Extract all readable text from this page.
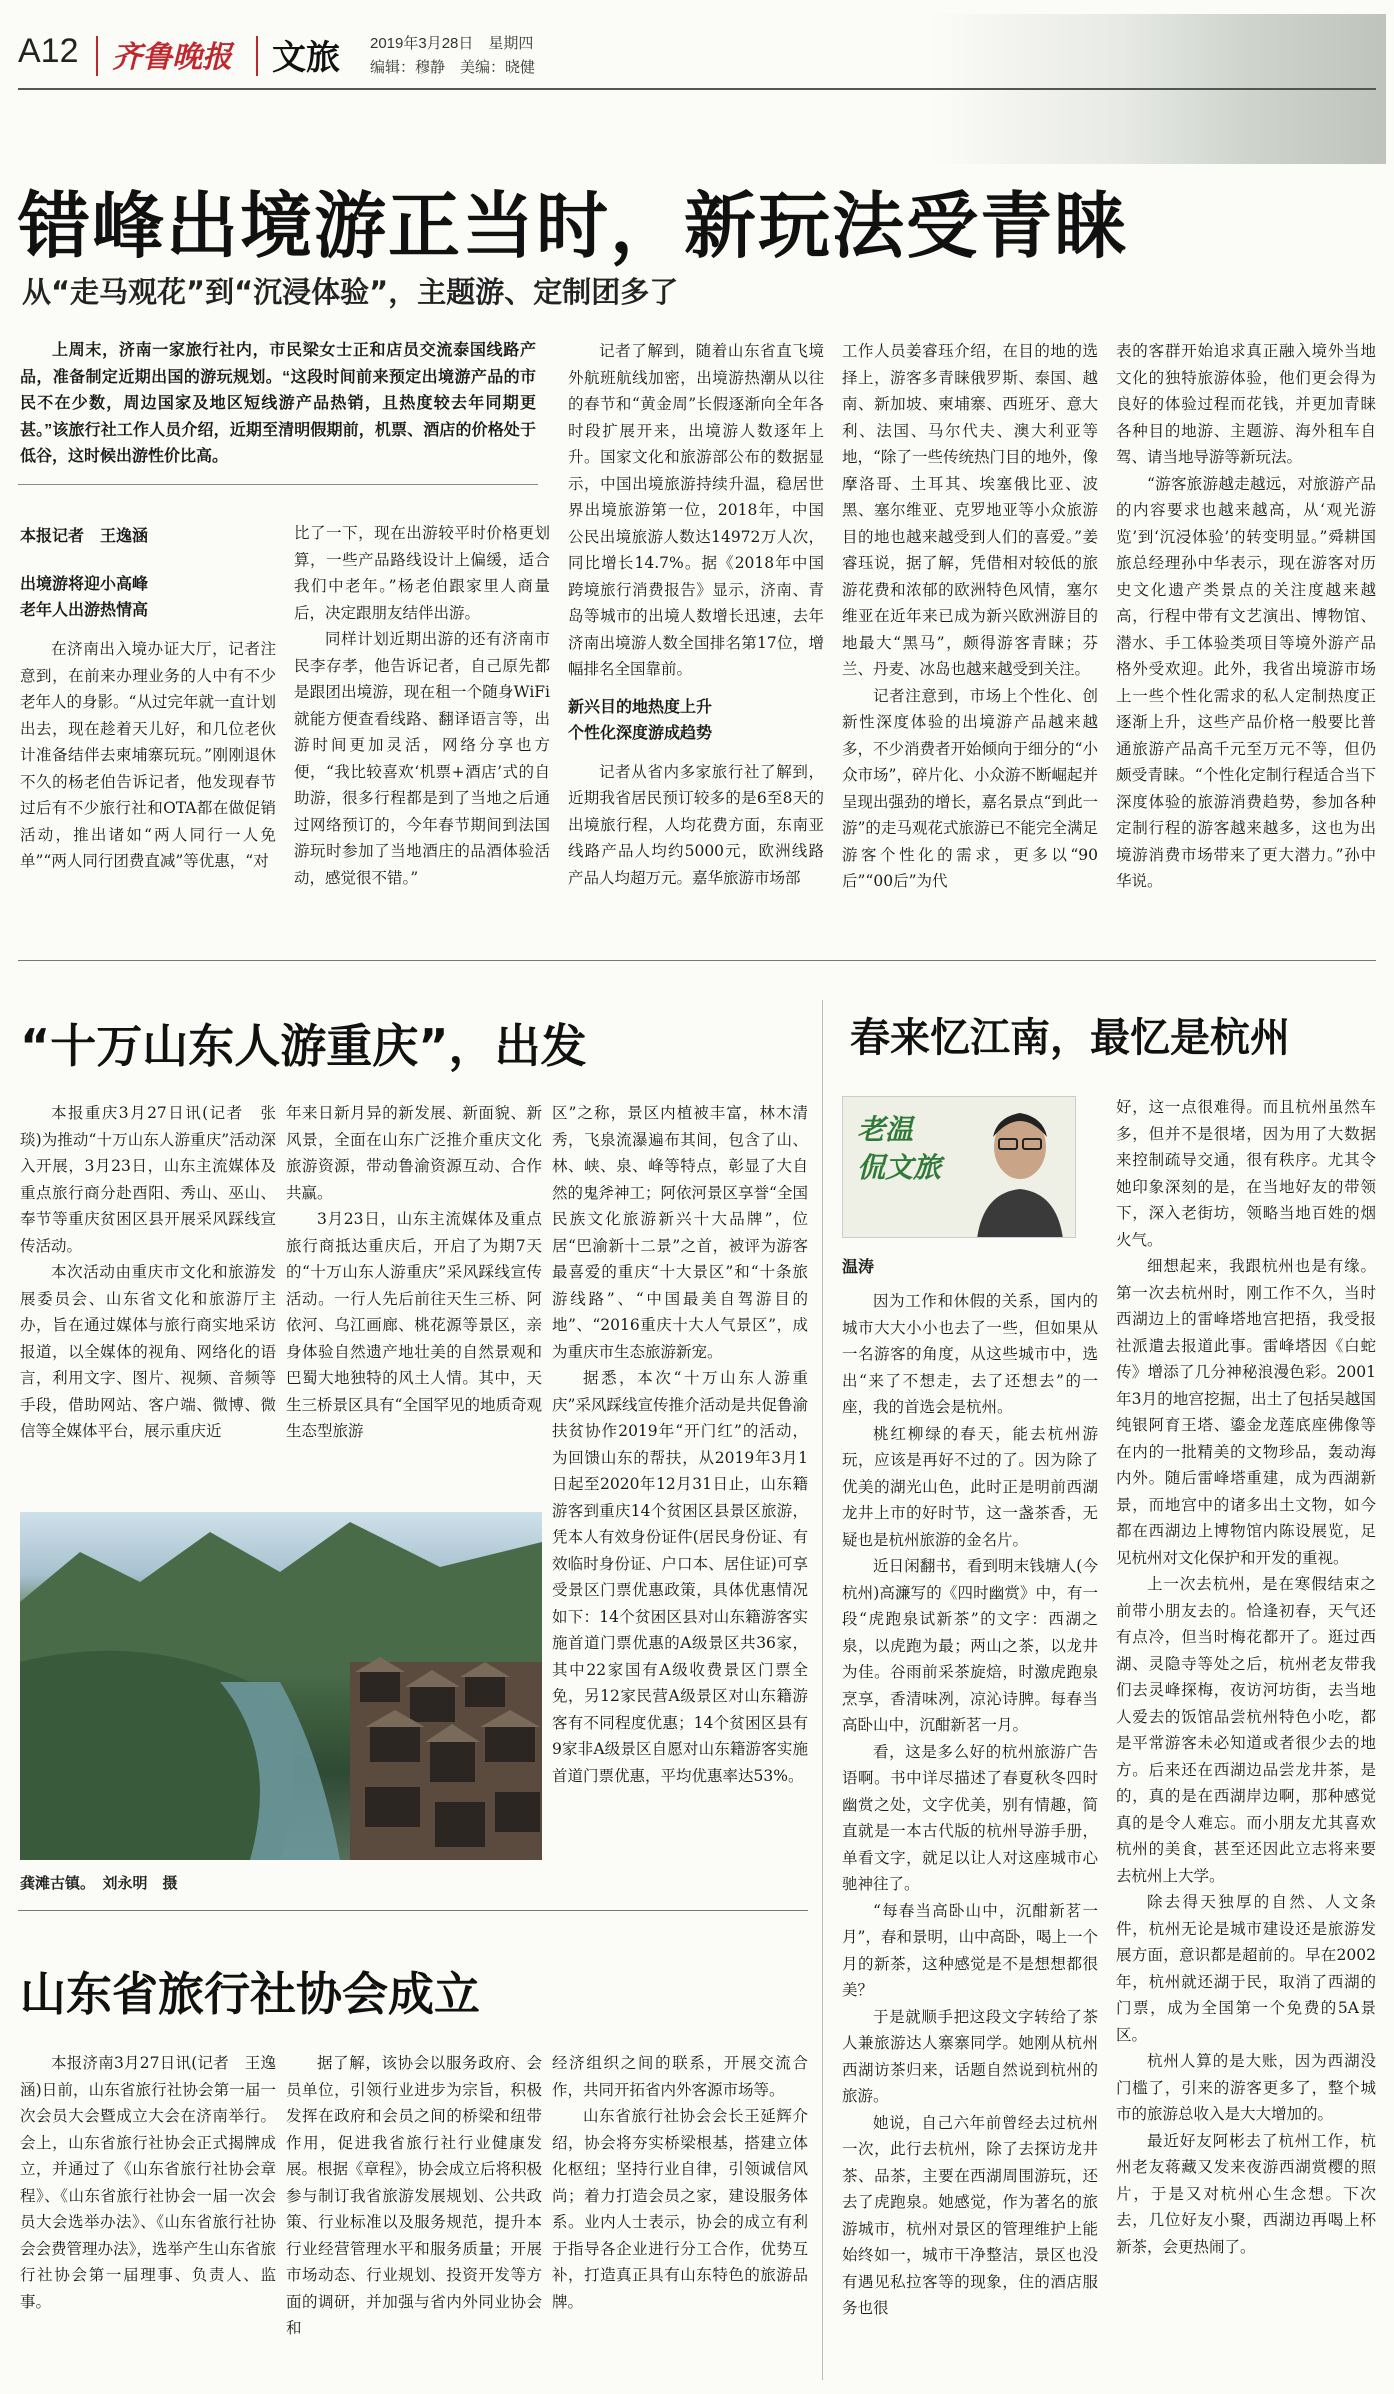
A12 齐鲁晚报 文旅 2019年3月28日　 星期四
编辑：穆静　美编：晓健
错峰出境游正当时，新玩法受青睐
从“走马观花”到“沉浸体验”，主题游、定制团多了

上周末，济南一家旅行社内，市民梁女士正和店员交流泰国线路产品，准备制定近期出国的游玩规划。“这段时间前来预定出境游产品的市民不在少数，周边国家及地区短线游产品热销，且热度较去年同期更甚。”该旅行社工作人员介绍，近期至清明假期前，机票、酒店的价格处于低谷，这时候出游性价比高。

本报记者　王逸涵

出境游将迎小高峰
老年人出游热情高

在济南出入境办证大厅，记者注意到，在前来办理业务的人中有不少老年人的身影。“从过完年就一直计划出去，现在趁着天儿好，和几位老伙计准备结伴去柬埔寨玩玩。”刚刚退休不久的杨老伯告诉记者，他发现春节过后有不少旅行社和OTA都在做促销活动，推出诸如“两人同行一人免单”“两人同行团费直减”等优惠，“对

比了一下，现在出游较平时价格更划算，一些产品路线设计上偏缓，适合我们中老年。”杨老伯跟家里人商量后，决定跟朋友结伴出游。

同样计划近期出游的还有济南市民李存孝，他告诉记者，自己原先都是跟团出境游，现在租一个随身WiFi就能方便查看线路、翻译语言等，出游时间更加灵活，网络分享也方便，“我比较喜欢‘机票+酒店’式的自助游，很多行程都是到了当地之后通过网络预订的，今年春节期间到法国游玩时参加了当地酒庄的品酒体验活动，感觉很不错。”

记者了解到，随着山东省直飞境外航班航线加密，出境游热潮从以往的春节和“黄金周”长假逐渐向全年各时段扩展开来，出境游人数逐年上升。国家文化和旅游部公布的数据显示，中国出境旅游持续升温，稳居世界出境旅游第一位，2018年，中国公民出境旅游人数达14972万人次，同比增长14.7%。据《2018年中国跨境旅行消费报告》显示，济南、青岛等城市的出境人数增长迅速，去年济南出境游人数全国排名第17位，增幅排名全国靠前。

新兴目的地热度上升
个性化深度游成趋势

记者从省内多家旅行社了解到，近期我省居民预订较多的是6至8天的出境旅行程，人均花费方面，东南亚线路产品人均约5000元，欧洲线路产品人均超万元。嘉华旅游市场部

工作人员姜睿珏介绍，在目的地的选择上，游客多青睐俄罗斯、泰国、越南、新加坡、柬埔寨、西班牙、意大利、法国、马尔代夫、澳大利亚等地，“除了一些传统热门目的地外，像摩洛哥、土耳其、埃塞俄比亚、波黑、塞尔维亚、克罗地亚等小众旅游目的地也越来越受到人们的喜爱。”姜睿珏说，据了解，凭借相对较低的旅游花费和浓郁的欧洲特色风情，塞尔维亚在近年来已成为新兴欧洲游目的地最大“黑马”，颇得游客青睐；芬兰、丹麦、冰岛也越来越受到关注。

记者注意到，市场上个性化、创新性深度体验的出境游产品越来越多，不少消费者开始倾向于细分的“小众市场”，碎片化、小众游不断崛起并呈现出强劲的增长，嘉名景点“到此一游”的走马观花式旅游已不能完全满足游客个性化的需求，更多以“90后”“00后”为代

表的客群开始追求真正融入境外当地文化的独特旅游体验，他们更会得为良好的体验过程而花钱，并更加青睐各种目的地游、主题游、海外租车自驾、请当地导游等新玩法。

“游客旅游越走越远，对旅游产品的内容要求也越来越高，从‘观光游览’到‘沉浸体验’的转变明显。”舜耕国旅总经理孙中华表示，现在游客对历史文化遗产类景点的关注度越来越高，行程中带有文艺演出、博物馆、潜水、手工体验类项目等境外游产品格外受欢迎。此外，我省出境游市场上一些个性化需求的私人定制热度正逐渐上升，这些产品价格一般要比普通旅游产品高千元至万元不等，但仍颇受青睐。“个性化定制行程适合当下深度体验的旅游消费趋势，参加各种定制行程的游客越来越多，这也为出境游消费市场带来了更大潜力。”孙中华说。

“十万山东人游重庆”，出发

本报重庆3月27日讯(记者　张琰)为推动“十万山东人游重庆”活动深入开展，3月23日，山东主流媒体及重点旅行商分赴酉阳、秀山、巫山、奉节等重庆贫困区县开展采风踩线宣传活动。

本次活动由重庆市文化和旅游发展委员会、山东省文化和旅游厅主办，旨在通过媒体与旅行商实地采访报道，以全媒体的视角、网络化的语言，利用文字、图片、视频、音频等手段，借助网站、客户端、微博、微信等全媒体平台，展示重庆近

年来日新月异的新发展、新面貌、新风景，全面在山东广泛推介重庆文化旅游资源，带动鲁渝资源互动、合作共赢。

3月23日，山东主流媒体及重点旅行商抵达重庆后，开启了为期7天的“十万山东人游重庆”采风踩线宣传活动。一行人先后前往天生三桥、阿依河、乌江画廊、桃花源等景区，亲身体验自然遗产地壮美的自然景观和巴蜀大地独特的风土人情。其中，天生三桥景区具有“全国罕见的地质奇观生态型旅游

区”之称，景区内植被丰富，林木清秀，飞泉流瀑遍布其间，包含了山、林、峡、泉、峰等特点，彰显了大自然的鬼斧神工；阿依河景区享誉“全国民族文化旅游新兴十大品牌”，位居“巴渝新十二景”之首，被评为游客最喜爱的重庆“十大景区”和“十条旅游线路”、“中国最美自驾游目的地”、“2016重庆十大人气景区”，成为重庆市生态旅游新宠。

据悉，本次“十万山东人游重庆”采风踩线宣传推介活动是共促鲁渝扶贫协作2019年“开门红”的活动，为回馈山东的帮扶，从2019年3月1日起至2020年12月31日止，山东籍游客到重庆14个贫困区县景区旅游，凭本人有效身份证件(居民身份证、有效临时身份证、户口本、居住证)可享受景区门票优惠政策，具体优惠情况如下：14个贫困区县对山东籍游客实施首道门票优惠的A级景区共36家，其中22家国有A级收费景区门票全免，另12家民营A级景区对山东籍游客有不同程度优惠；14个贫困区县有9家非A级景区自愿对山东籍游客实施首道门票优惠，平均优惠率达53%。

龚滩古镇。　刘永明　摄
山东省旅行社协会成立

本报济南3月27日讯(记者　王逸涵)日前，山东省旅行社协会第一届一次会员大会暨成立大会在济南举行。会上，山东省旅行社协会正式揭牌成立，并通过了《山东省旅行社协会章程》、《山东省旅行社协会一届一次会员大会选举办法》、《山东省旅行社协会会费管理办法》，选举产生山东省旅行社协会第一届理事、负责人、监事。

据了解，该协会以服务政府、会员单位，引领行业进步为宗旨，积极发挥在政府和会员之间的桥梁和纽带作用，促进我省旅行社行业健康发展。根据《章程》，协会成立后将积极参与制订我省旅游发展规划、公共政策、行业标准以及服务规范，提升本行业经营管理水平和服务质量；开展市场动态、行业规划、投资开发等方面的调研，并加强与省内外同业协会和

经济组织之间的联系，开展交流合作，共同开拓省内外客源市场等。

山东省旅行社协会会长王延辉介绍，协会将夯实桥梁根基，搭建立体化枢纽；坚持行业自律，引领诚信风尚；着力打造会员之家，建设服务体系。业内人士表示，协会的成立有利于指导各企业进行分工合作，优势互补，打造真正具有山东特色的旅游品牌。

春来忆江南，最忆是杭州
老温
侃文旅
温涛

因为工作和休假的关系，国内的城市大大小小也去了一些，但如果从一名游客的角度，从这些城市中，选出“来了不想走，去了还想去”的一座，我的首选会是杭州。

桃红柳绿的春天，能去杭州游玩，应该是再好不过的了。因为除了优美的湖光山色，此时正是明前西湖龙井上市的好时节，这一盏茶香，无疑也是杭州旅游的金名片。

近日闲翻书，看到明末钱塘人(今杭州)高濂写的《四时幽赏》中，有一段“虎跑泉试新茶”的文字：西湖之泉，以虎跑为最；两山之茶，以龙井为佳。谷雨前采茶旋焙，时激虎跑泉烹享，香清味冽，凉沁诗脾。每春当高卧山中，沉酣新茗一月。

看，这是多么好的杭州旅游广告语啊。书中详尽描述了春夏秋冬四时幽赏之处，文字优美，别有情趣，简直就是一本古代版的杭州导游手册，单看文字，就足以让人对这座城市心驰神往了。

“每春当高卧山中，沉酣新茗一月”，春和景明，山中高卧，喝上一个月的新茶，这种感觉是不是想想都很美？

于是就顺手把这段文字转给了茶人兼旅游达人寨寨同学。她刚从杭州西湖访茶归来，话题自然说到杭州的旅游。

她说，自己六年前曾经去过杭州一次，此行去杭州，除了去探访龙井茶、品茶，主要在西湖周围游玩，还去了虎跑泉。她感觉，作为著名的旅游城市，杭州对景区的管理维护上能始终如一，城市干净整洁，景区也没有遇见私拉客等的现象，住的酒店服务也很

好，这一点很难得。而且杭州虽然车多，但并不是很堵，因为用了大数据来控制疏导交通，很有秩序。尤其令她印象深刻的是，在当地好友的带领下，深入老街坊，领略当地百姓的烟火气。

细想起来，我跟杭州也是有缘。第一次去杭州时，刚工作不久，当时西湖边上的雷峰塔地宫把捂，我受报社派遣去报道此事。雷峰塔因《白蛇传》增添了几分神秘浪漫色彩。2001年3月的地宫挖掘，出土了包括吴越国纯银阿育王塔、鎏金龙莲底座佛像等在内的一批精美的文物珍品，轰动海内外。随后雷峰塔重建，成为西湖新景，而地宫中的诸多出土文物，如今都在西湖边上博物馆内陈设展览，足见杭州对文化保护和开发的重视。

上一次去杭州，是在寒假结束之前带小朋友去的。恰逢初春，天气还有点冷，但当时梅花都开了。逛过西湖、灵隐寺等处之后，杭州老友带我们去灵峰探梅，夜访河坊街，去当地人爱去的饭馆品尝杭州特色小吃，都是平常游客未必知道或者很少去的地方。后来还在西湖边品尝龙井茶，是的，真的是在西湖岸边啊，那种感觉真的是令人难忘。而小朋友尤其喜欢杭州的美食，甚至还因此立志将来要去杭州上大学。

除去得天独厚的自然、人文条件，杭州无论是城市建设还是旅游发展方面，意识都是超前的。早在2002年，杭州就还湖于民，取消了西湖的门票，成为全国第一个免费的5A景区。

杭州人算的是大账，因为西湖没门槛了，引来的游客更多了，整个城市的旅游总收入是大大增加的。

最近好友阿彬去了杭州工作，杭州老友蒋藏又发来夜游西湖赏樱的照片，于是又对杭州心生念想。下次去，几位好友小聚，西湖边再喝上杯新茶，会更热闹了。
